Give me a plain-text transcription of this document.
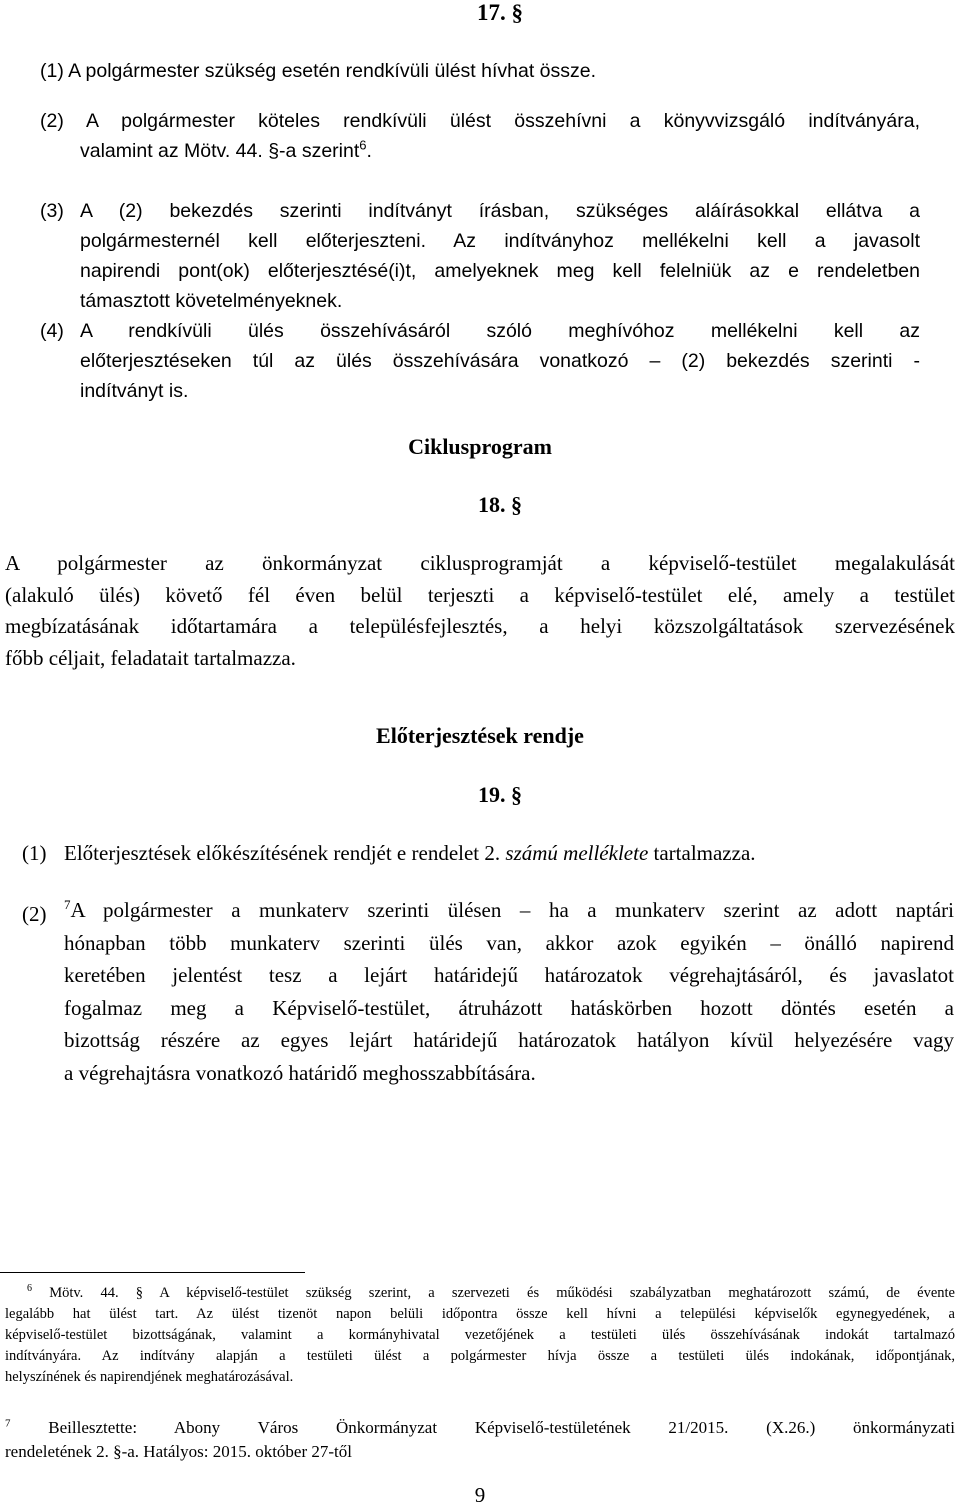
17. §
(1) A polgármester szükség esetén rendkívüli ülést hívhat össze.
(2) A polgármester köteles rendkívüli ülést összehívni a könyvvizsgáló indítványára,
valamint az Mötv. 44. §-a szerint$^6$.
(3) A (2) bekezdés szerinti indítványt írásban, szükséges aláírásokkal ellátva a
polgármesternél kell előterjeszteni. Az indítványhoz mellékelni kell a javasolt
napirendi pont(ok) előterjesztésé(i)t, amelyeknek meg kell felelniük az e rendeletben
támasztott követelményeknek.
(4) A rendkívüli ülés összehívásáról szóló meghívóhoz mellékelni kell az
előterjesztéseken túl az ülés összehívására vonatkozó – (2) bekezdés szerinti -
indítványt is.
Ciklusprogram
18. §
A polgármester az önkormányzat ciklusprogramját a képviselő-testület megalakulását
(alakuló ülés) követő fél éven belül terjeszti a képviselő-testület elé, amely a testület
megbízatásának időtartamára a településfejlesztés, a helyi közszolgáltatások szervezésének
főbb céljait, feladatait tartalmazza.
Előterjesztések rendje
19. §
(1) Előterjesztések előkészítésének rendjét e rendelet 2. számú melléklete tartalmazza.
(2) $^7$A polgármester a munkaterv szerinti ülésen – ha a munkaterv szerint az adott naptári
hónapban több munkaterv szerinti ülés van, akkor azok egyikén – önálló napirend
keretében jelentést tesz a lejárt határidejű határozatok végrehajtásáról, és javaslatot
fogalmaz meg a Képviselő-testület, átruházott hatáskörben hozott döntés esetén a
bizottság részére az egyes lejárt határidejű határozatok hatályon kívül helyezésére vagy
a végrehajtásra vonatkozó határidő meghosszabbítására.
$^6$ Mötv. 44. § A képviselő-testület szükség szerint, a szervezeti és működési szabályzatban meghatározott számú, de évente
legalább hat ülést tart. Az ülést tizenöt napon belüli időpontra össze kell hívni a települési képviselők egynegyedének, a
képviselő-testület bizottságának, valamint a kormányhivatal vezetőjének a testületi ülés összehívásának indokát tartalmazó
indítványára. Az indítvány alapján a testületi ülést a polgármester hívja össze a testületi ülés indokának, időpontjának,
helyszínének és napirendjének meghatározásával.
$^7$ Beillesztette: Abony Város Önkormányzat Képviselő-testületének 21/2015. (X.26.) önkormányzati
rendeletének 2. §-a. Hatályos: 2015. október 27-től
9
